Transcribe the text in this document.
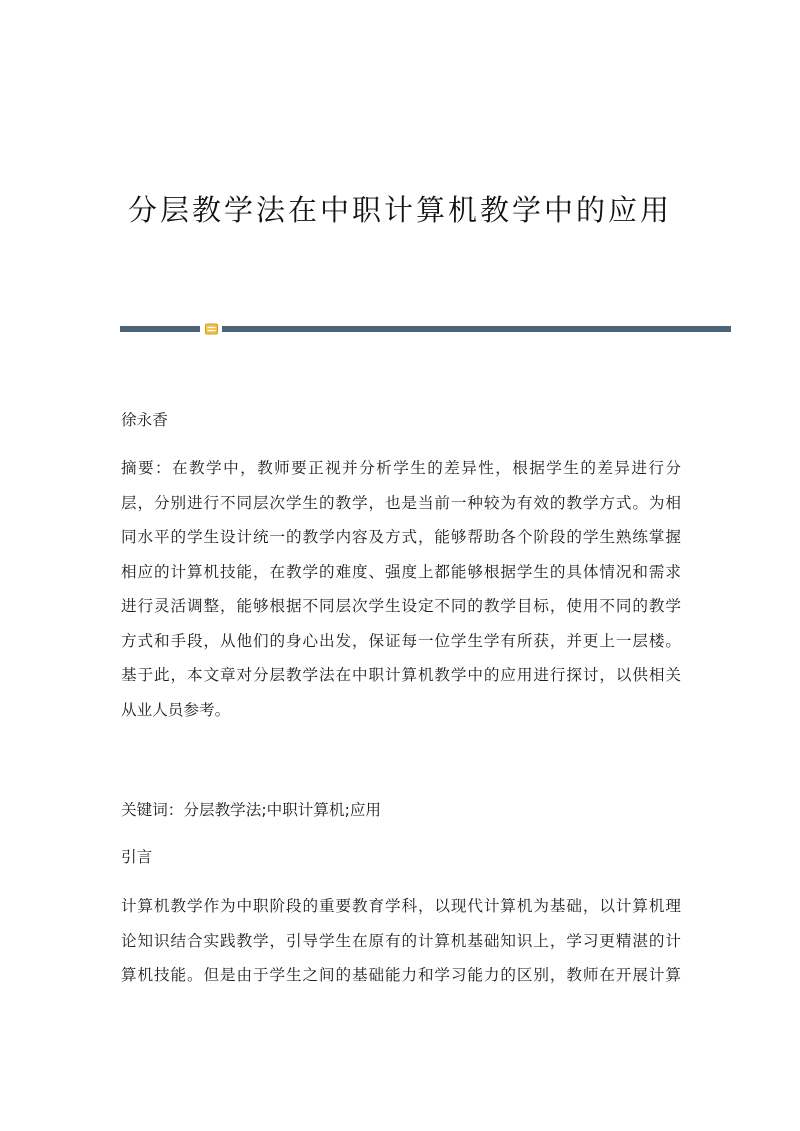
分层教学法在中职计算机教学中的应用

徐永香

摘要：在教学中，教师要正视并分析学生的差异性，根据学生的差异进行分
层，分别进行不同层次学生的教学，也是当前一种较为有效的教学方式。为相
同水平的学生设计统一的教学内容及方式，能够帮助各个阶段的学生熟练掌握
相应的计算机技能，在教学的难度、强度上都能够根据学生的具体情况和需求
进行灵活调整，能够根据不同层次学生设定不同的教学目标，使用不同的教学
方式和手段，从他们的身心出发，保证每一位学生学有所获，并更上一层楼。
基于此，本文章对分层教学法在中职计算机教学中的应用进行探讨，以供相关
从业人员参考。

关键词：分层教学法;中职计算机;应用

引言

计算机教学作为中职阶段的重要教育学科，以现代计算机为基础，以计算机理
论知识结合实践教学，引导学生在原有的计算机基础知识上，学习更精湛的计
算机技能。但是由于学生之间的基础能力和学习能力的区别，教师在开展计算
